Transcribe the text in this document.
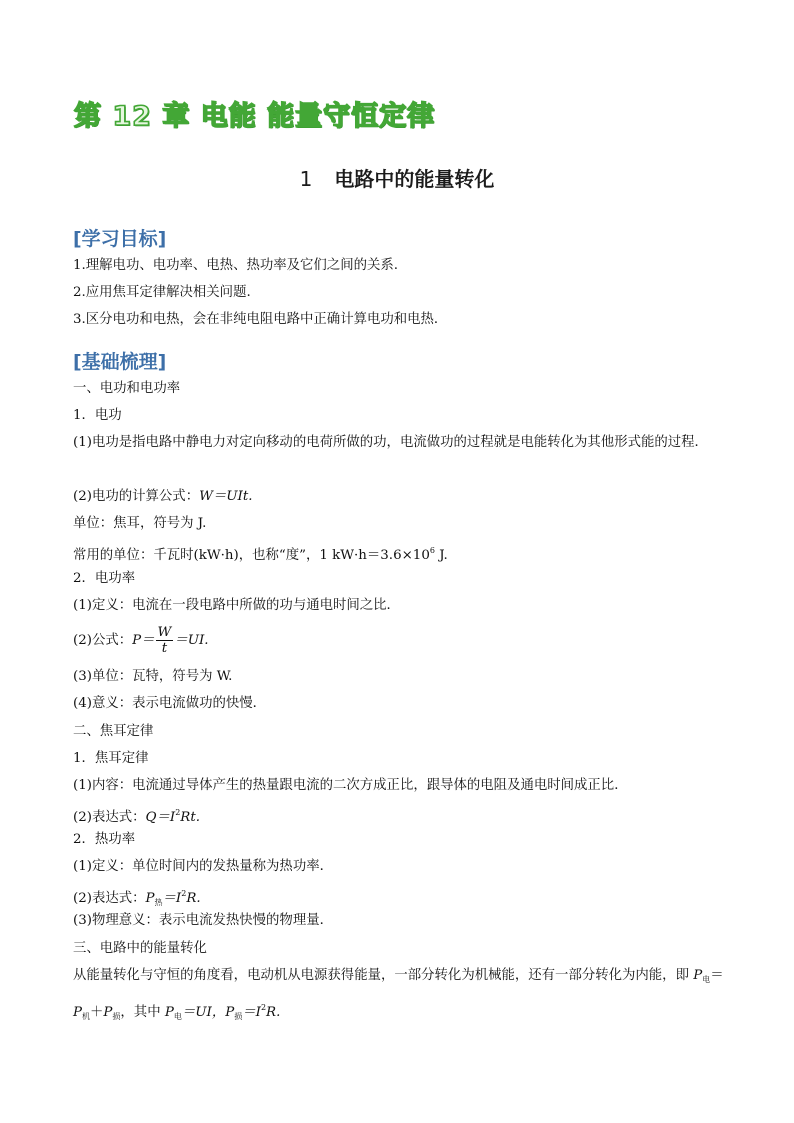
第 12 章 电能 能量守恒定律
1 电路中的能量转化
[学习目标]
1.理解电功、电功率、电热、热功率及它们之间的关系.
2.应用焦耳定律解决相关问题.
3.区分电功和电热，会在非纯电阻电路中正确计算电功和电热．
[基础梳理]
一、电功和电功率
1．电功
(1)电功是指电路中静电力对定向移动的电荷所做的功，电流做功的过程就是电能转化为其他形式能的过程．
(2)电功的计算公式：W＝UIt.
单位：焦耳，符号为 J.
常用的单位：千瓦时(kW·h)，也称“度”，1 $kW\cdot h=3.6\times 10^6$ J.
2．电功率
(1)定义：电流在一段电路中所做的功与通电时间之比．
(2)公式：$P= \frac{W}{t} =UI$.
(3)单位：瓦特，符号为 W.
(4)意义：表示电流做功的快慢．
二、焦耳定律
1．焦耳定律
(1)内容：电流通过导体产生的热量跟电流的二次方成正比，跟导体的电阻及通电时间成正比．
(2)表达式：$Q=I^2Rt$.
2．热功率
(1)定义：单位时间内的发热量称为热功率．
(2)表达式：$P_热=I^2R$.
(3)物理意义：表示电流发热快慢的物理量．
三、电路中的能量转化
从能量转化与守恒的角度看，电动机从电源获得能量，一部分转化为机械能，还有一部分转化为内能，即 $P_电=P_机+P_损$，其中 $P_电=UI$，$P_损=I^2R$.
